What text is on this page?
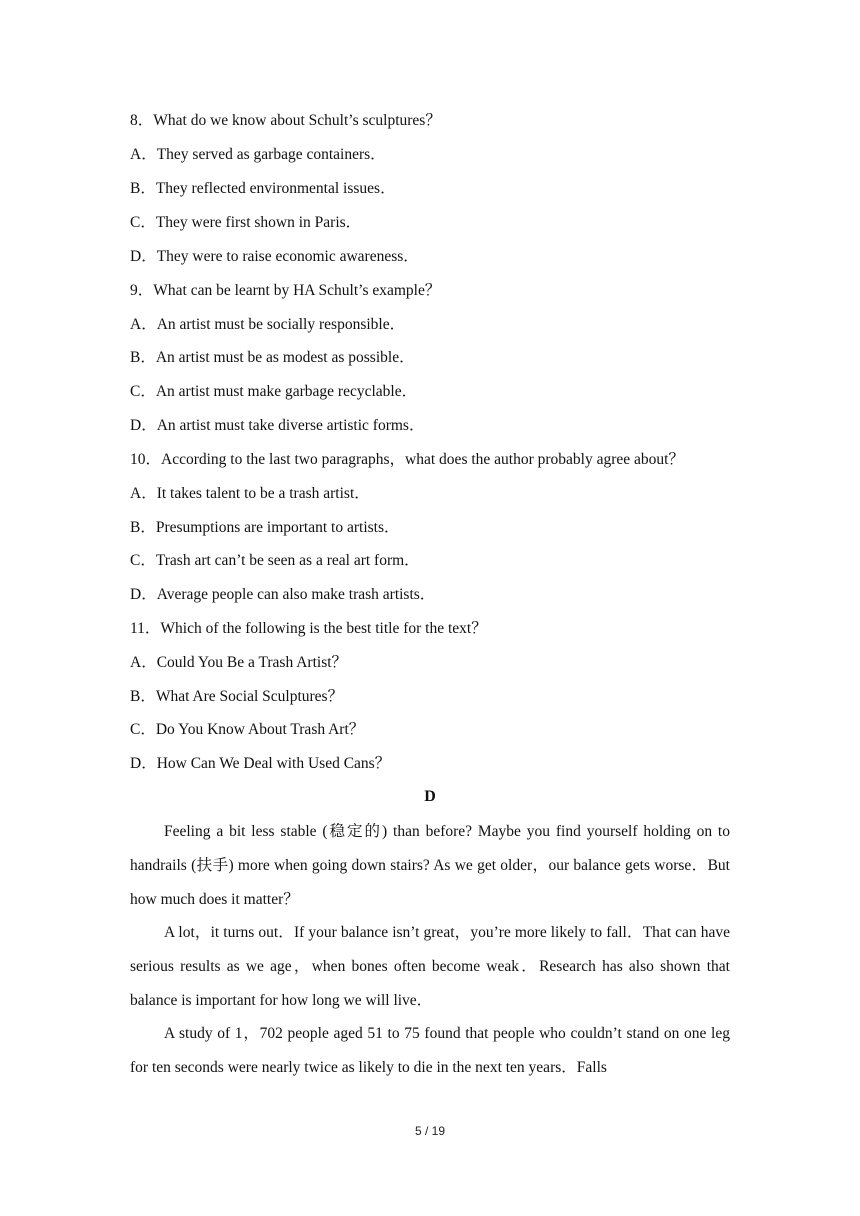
8．What do we know about Schult’s sculptures？
A．They served as garbage containers．
B．They reflected environmental issues．
C．They were first shown in Paris．
D．They were to raise economic awareness．
9．What can be learnt by HA Schult’s example？
A．An artist must be socially responsible．
B．An artist must be as modest as possible．
C．An artist must make garbage recyclable．
D．An artist must take diverse artistic forms．
10．According to the last two paragraphs，what does the author probably agree about？
A．It takes talent to be a trash artist．
B．Presumptions are important to artists．
C．Trash art can’t be seen as a real art form．
D．Average people can also make trash artists．
11．Which of the following is the best title for the text？
A．Could You Be a Trash Artist？
B．What Are Social Sculptures？
C．Do You Know About Trash Art？
D．How Can We Deal with Used Cans？
D
Feeling a bit less stable (稳定的) than before? Maybe you find yourself holding on to handrails (扶手) more when going down stairs? As we get older，our balance gets worse．But how much does it matter？
A lot，it turns out．If your balance isn’t great，you’re more likely to fall．That can have serious results as we age，when bones often become weak．Research has also shown that balance is important for how long we will live．
A study of 1，702 people aged 51 to 75 found that people who couldn’t stand on one leg for ten seconds were nearly twice as likely to die in the next ten years．Falls
5 / 19
